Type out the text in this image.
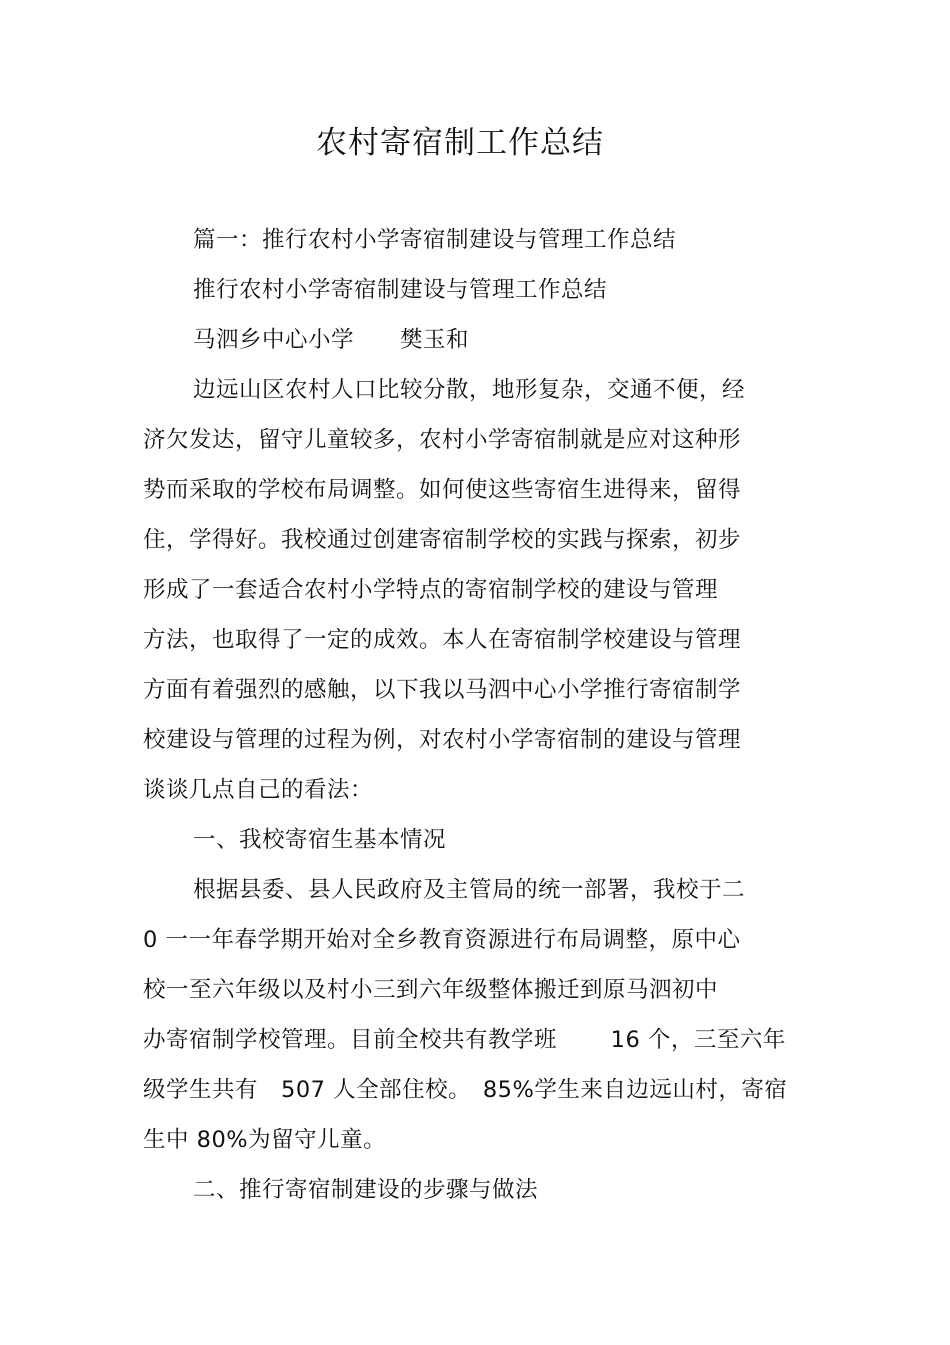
农村寄宿制工作总结
篇一：推行农村小学寄宿制建设与管理工作总结
推行农村小学寄宿制建设与管理工作总结
马泗乡中心小学　　樊玉和
边远山区农村人口比较分散，地形复杂，交通不便，经
济欠发达，留守儿童较多，农村小学寄宿制就是应对这种形
势而采取的学校布局调整。如何使这些寄宿生进得来，留得
住，学得好。我校通过创建寄宿制学校的实践与探索，初步
形成了一套适合农村小学特点的寄宿制学校的建设与管理
方法，也取得了一定的成效。本人在寄宿制学校建设与管理
方面有着强烈的感触，以下我以马泗中心小学推行寄宿制学
校建设与管理的过程为例，对农村小学寄宿制的建设与管理
谈谈几点自己的看法：
一、我校寄宿生基本情况
根据县委、县人民政府及主管局的统一部署，我校于二
0 一一年春学期开始对全乡教育资源进行布局调整，原中心
校一至六年级以及村小三到六年级整体搬迁到原马泗初中
办寄宿制学校管理。目前全校共有教学班　　 16 个，三至六年
级学生共有　507 人全部住校。　85%学生来自边远山村，寄宿
生中 80%为留守儿童。
二、推行寄宿制建设的步骤与做法
